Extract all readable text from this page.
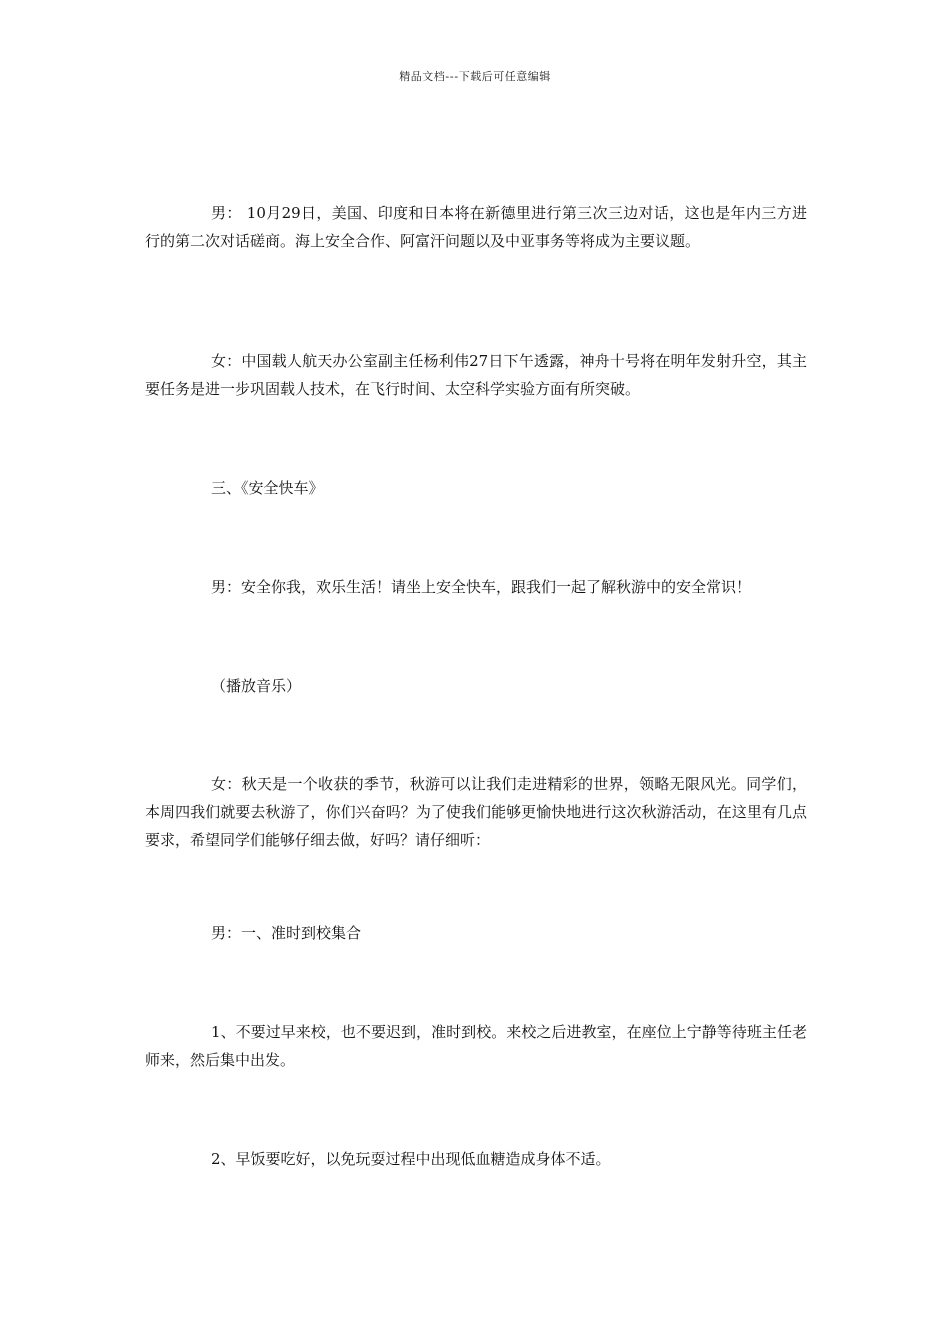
精品文档---下载后可任意编辑

男： 10月29日，美国、印度和日本将在新德里进行第三次三边对话，这也是年内三方进行的第二次对话磋商。海上安全合作、阿富汗问题以及中亚事务等将成为主要议题。

女：中国载人航天办公室副主任杨利伟27日下午透露，神舟十号将在明年发射升空，其主要任务是进一步巩固载人技术，在飞行时间、太空科学实验方面有所突破。

三、《安全快车》

男：安全你我，欢乐生活！请坐上安全快车，跟我们一起了解秋游中的安全常识！

（播放音乐）

女：秋天是一个收获的季节，秋游可以让我们走进精彩的世界，领略无限风光。同学们，本周四我们就要去秋游了，你们兴奋吗？为了使我们能够更愉快地进行这次秋游活动，在这里有几点要求，希望同学们能够仔细去做，好吗？请仔细听：

男：一、准时到校集合

1、不要过早来校，也不要迟到，准时到校。来校之后进教室，在座位上宁静等待班主任老师来，然后集中出发。

2、早饭要吃好，以免玩耍过程中出现低血糖造成身体不适。
